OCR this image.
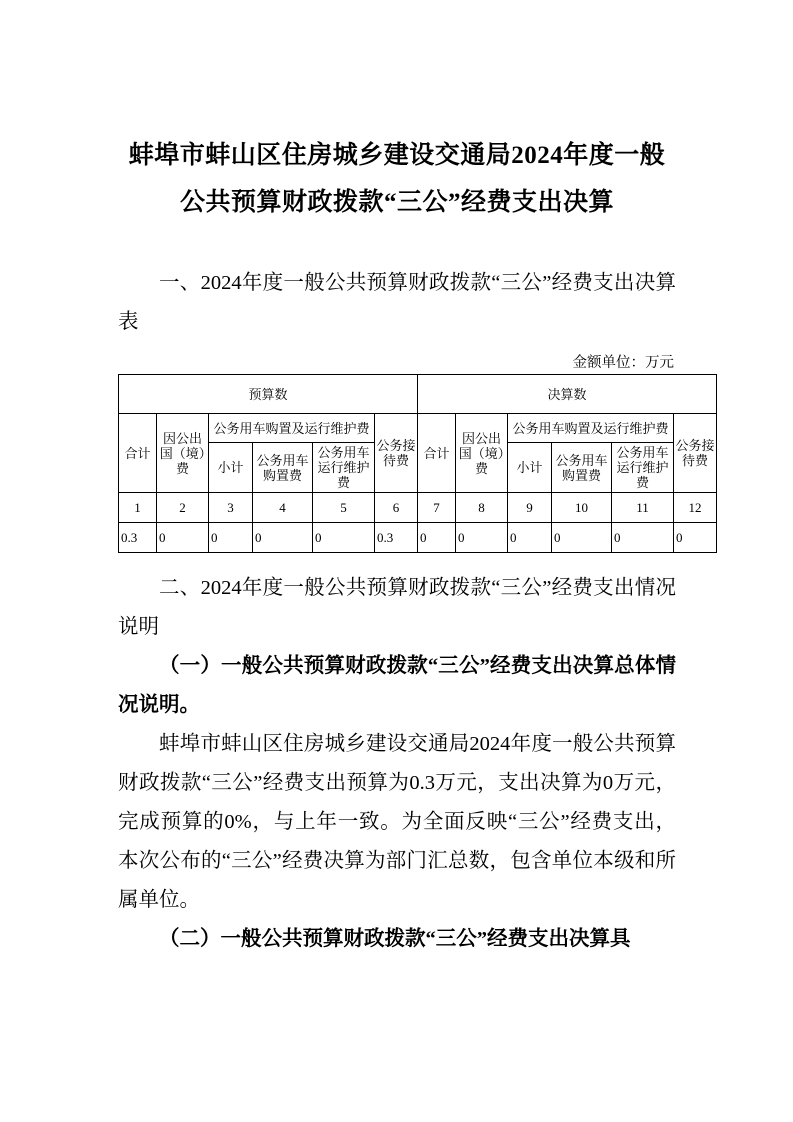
蚌埠市蚌山区住房城乡建设交通局2024年度一般公共预算财政拨款“三公”经费支出决算

一、2024年度一般公共预算财政拨款“三公”经费支出决算表

金额单位：万元

预算数						决算数					
合计	因公出国（境）费	公务用车购置及运行维护费			公务接待费	合计	因公出国（境）费	公务用车购置及运行维护费			公务接待费
		小计	公务用车购置费	公务用车运行维护费				小计	公务用车购置费	公务用车运行维护费	
1	2	3	4	5	6	7	8	9	10	11	12
0.3	0	0	0	0	0.3	0	0	0	0	0	0

二、2024年度一般公共预算财政拨款“三公”经费支出情况说明

（一）一般公共预算财政拨款“三公”经费支出决算总体情况说明。

蚌埠市蚌山区住房城乡建设交通局2024年度一般公共预算财政拨款“三公”经费支出预算为0.3万元，支出决算为0万元，完成预算的0%，与上年一致。为全面反映“三公”经费支出，本次公布的“三公”经费决算为部门汇总数，包含单位本级和所属单位。

（二）一般公共预算财政拨款“三公”经费支出决算具
